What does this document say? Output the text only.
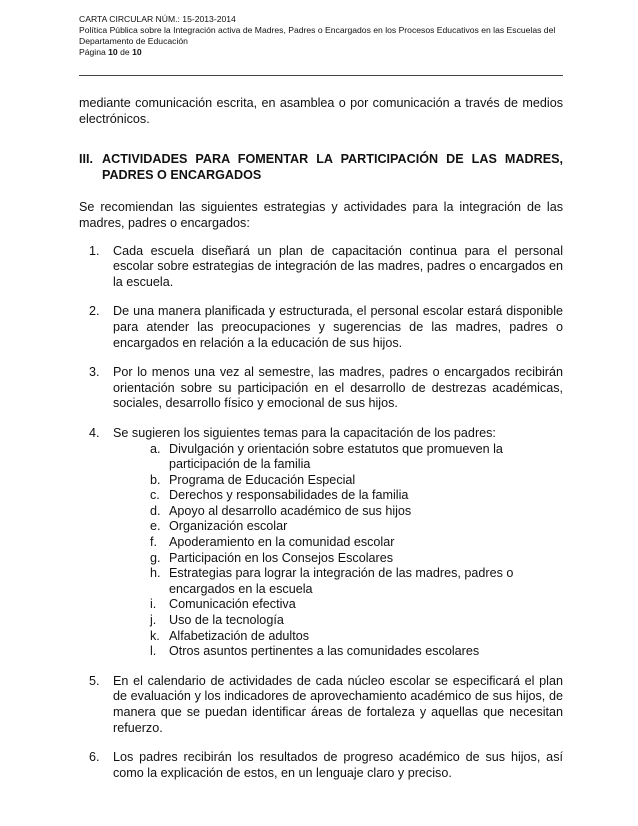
CARTA CIRCULAR NÚM.: 15-2013-2014
Política Pública sobre la Integración activa de Madres, Padres o Encargados en los Procesos Educativos en las Escuelas del
Departamento de Educación
Página 10 de 10

mediante comunicación escrita, en asamblea o por comunicación a través de medios electrónicos.

III. ACTIVIDADES PARA FOMENTAR LA PARTICIPACIÓN DE LAS MADRES, PADRES O ENCARGADOS

Se recomiendan las siguientes estrategias y actividades para la integración de las madres, padres o encargados:

1.	Cada escuela diseñará un plan de capacitación continua para el personal escolar sobre estrategias de integración de las madres, padres o encargados en la escuela.

2.	De una manera planificada y estructurada, el personal escolar estará disponible para atender las preocupaciones y sugerencias de las madres, padres o encargados en relación a la educación de sus hijos.

3.	Por lo menos una vez al semestre, las madres, padres o encargados recibirán orientación sobre su participación en el desarrollo de destrezas académicas, sociales, desarrollo físico y emocional de sus hijos.

4.	Se sugieren los siguientes temas para la capacitación de los padres:

a. Divulgación y orientación sobre estatutos que promueven la participación de la familia
b. Programa de Educación Especial
c. Derechos y responsabilidades de la familia
d. Apoyo al desarrollo académico de sus hijos
e. Organización escolar
f. Apoderamiento en la comunidad escolar
g. Participación en los Consejos Escolares
h. Estrategias para lograr la integración de las madres, padres o encargados en la escuela
i.	Comunicación efectiva
j.	Uso de la tecnología
k. Alfabetización de adultos
l.	Otros asuntos pertinentes a las comunidades escolares
5.	En el calendario de actividades de cada núcleo escolar se especificará el plan de evaluación y los indicadores de aprovechamiento académico de sus hijos, de manera que se puedan identificar áreas de fortaleza y aquellas que necesitan refuerzo.

6.	Los padres recibirán los resultados de progreso académico de sus hijos, así como la explicación de estos, en un lenguaje claro y preciso.
